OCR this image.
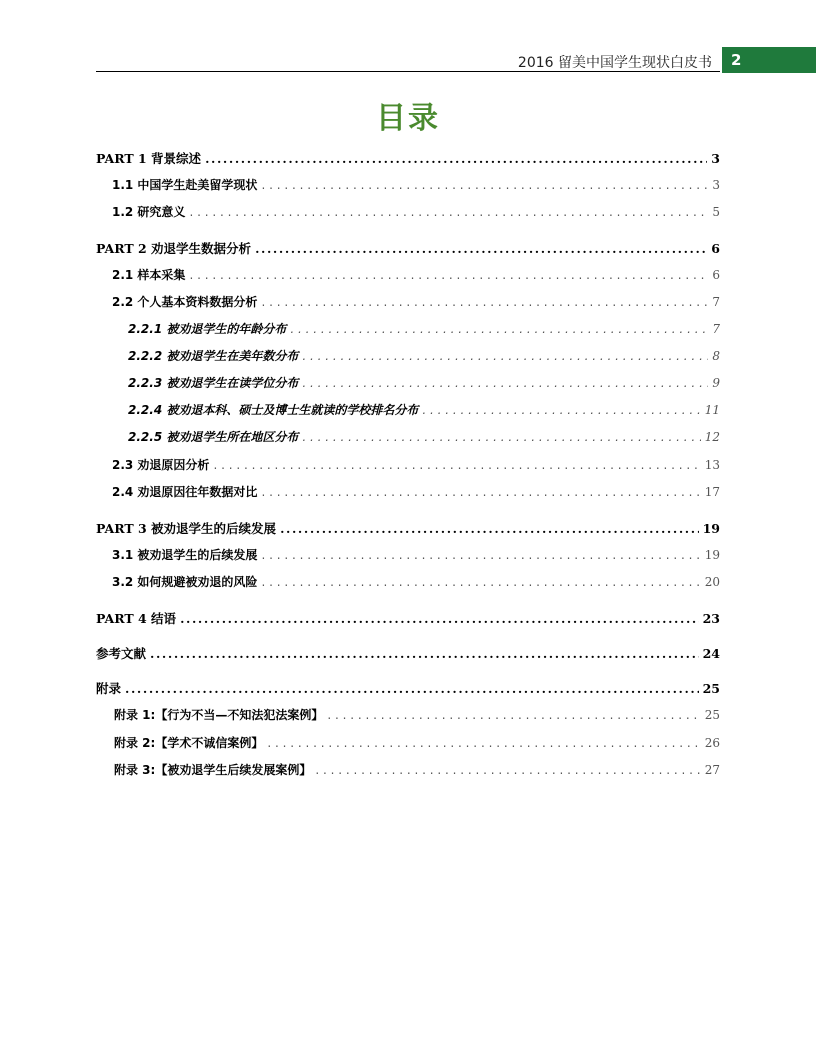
2016 留美中国学生现状白皮书	2
目录
PART 1 背景综述 .....	3
1.1 中国学生赴美留学现状 . . .	3
1.2 研究意义 . . .	5
PART 2 劝退学生数据分析 .....	6
2.1 样本采集 . . .	6
2.2 个人基本资料数据分析 . . .	7
2.2.1 被劝退学生的年龄分布 . . .	7
2.2.2 被劝退学生在美年数分布 . . .	8
2.2.3 被劝退学生在读学位分布 . . .	9
2.2.4 被劝退本科、硕士及博士生就读的学校排名分布 . . .	11
2.2.5 被劝退学生所在地区分布 . . .	12
2.3 劝退原因分析 . . .	13
2.4 劝退原因往年数据对比 . . .	17
PART 3 被劝退学生的后续发展 .....	19
3.1 被劝退学生的后续发展 . . .	19
3.2 如何规避被劝退的风险 . . .	20
PART 4 结语 .....	23
参考文献 .....	24
附录 .....	25
附录 1:【行为不当—不知法犯法案例】 . . .	25
附录 2:【学术不诚信案例】 . . .	26
附录 3:【被劝退学生后续发展案例】 . . .	27
